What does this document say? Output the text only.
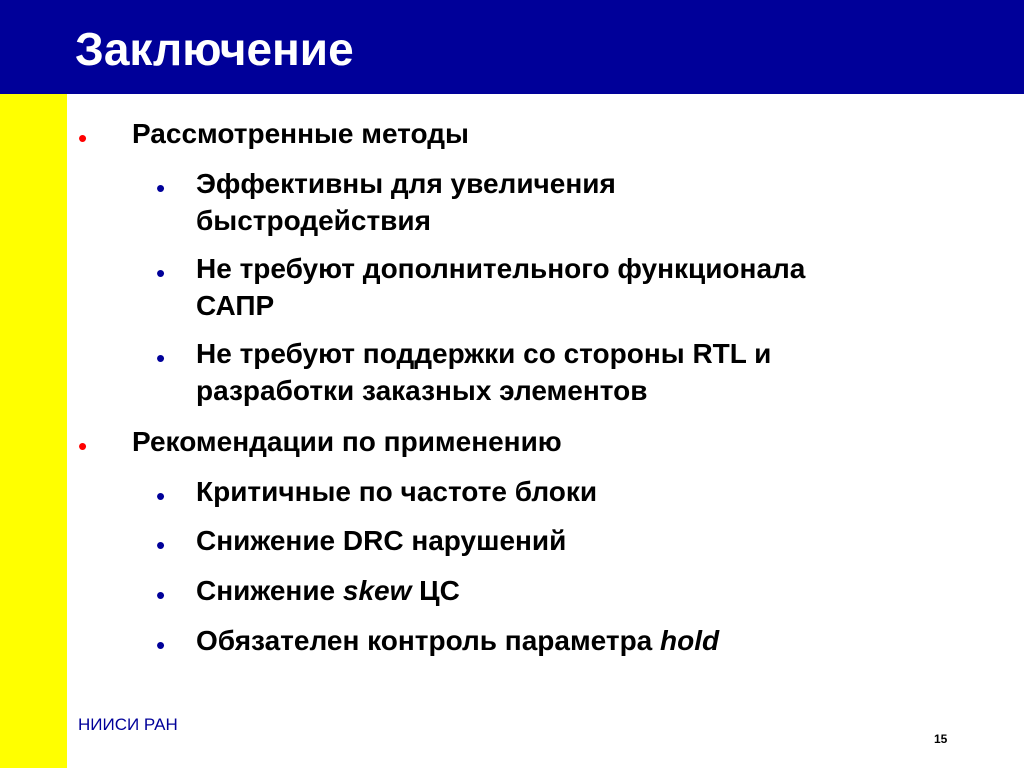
Заключение
• Рассмотренные методы

• Эффективны для увеличения
быстродействия

• Не требуют дополнительного функционала
САПР

• Не требуют поддержки со стороны RTL и
разработки заказных элементов

• Рекомендации по применению

• Критичные по частоте блоки

• Снижение DRC нарушений

• Снижение skew ЦС

• Обязателен контроль параметра hold

НИИСИ РАН
15
